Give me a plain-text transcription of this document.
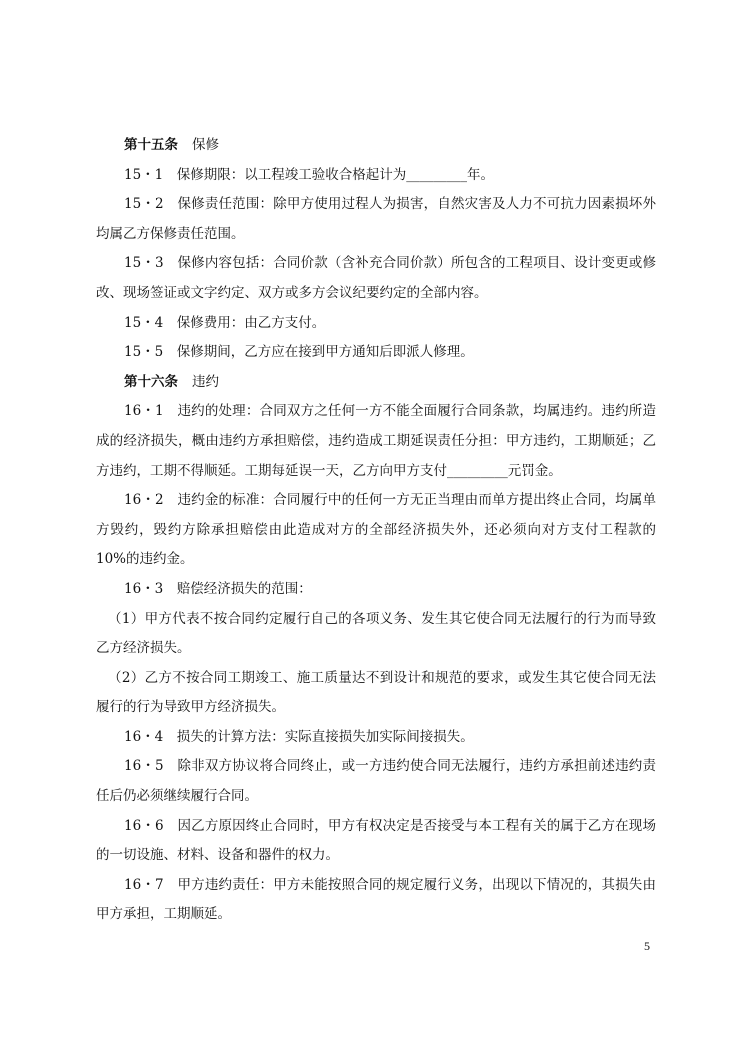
第十五条 保修

15・1　保修期限：以工程竣工验收合格起计为_________年。

15・2　保修责任范围：除甲方使用过程人为损害，自然灾害及人力不可抗力因素损坏外均属乙方保修责任范围。

15・3　保修内容包括：合同价款（含补充合同价款）所包含的工程项目、设计变更或修改、现场签证或文字约定、双方或多方会议纪要约定的全部内容。

15・4　保修费用：由乙方支付。

15・5　保修期间，乙方应在接到甲方通知后即派人修理。

第十六条 违约

16・1　违约的处理：合同双方之任何一方不能全面履行合同条款，均属违约。违约所造成的经济损失，概由违约方承担赔偿，违约造成工期延误责任分担：甲方违约，工期顺延；乙方违约，工期不得顺延。工期每延误一天，乙方向甲方支付_________元罚金。

16・2　违约金的标准：合同履行中的任何一方无正当理由而单方提出终止合同，均属单方毁约，毁约方除承担赔偿由此造成对方的全部经济损失外，还必须向对方支付工程款的 10%的违约金。

16・3　赔偿经济损失的范围：

（1）甲方代表不按合同约定履行自己的各项义务、发生其它使合同无法履行的行为而导致乙方经济损失。

（2）乙方不按合同工期竣工、施工质量达不到设计和规范的要求，或发生其它使合同无法履行的行为导致甲方经济损失。

16・4　损失的计算方法：实际直接损失加实际间接损失。

16・5　除非双方协议将合同终止，或一方违约使合同无法履行，违约方承担前述违约责任后仍必须继续履行合同。

16・6　因乙方原因终止合同时，甲方有权决定是否接受与本工程有关的属于乙方在现场的一切设施、材料、设备和器件的权力。

16・7　甲方违约责任：甲方未能按照合同的规定履行义务，出现以下情况的，其损失由甲方承担，工期顺延。

5
